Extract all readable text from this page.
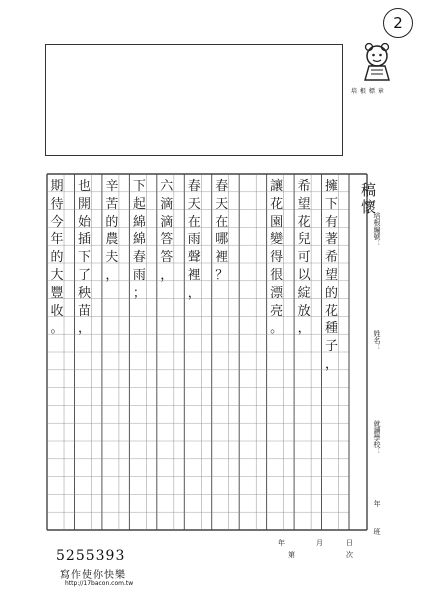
2
培 根 標 章
培根編號：
姓名：
就讀學校：
年
班
稿懷
年	月	日
第	次
5255393
寫作使你快樂
http://17bacon.com.tw
擁
下
有
著
希
望
的
花
種
子
，
希
望
花
兒
可
以
綻
放
，
讓
花
園
變
得
很
漂
亮
。
春
天
在
哪
裡
？
春
天
在
雨
聲
裡
，
六
滴
滴
答
答
，
下
起
綿
綿
春
雨
；
辛
苦
的
農
夫
，
也
開
始
插
下
了
秧
苗
，
期
待
今
年
的
大
豐
收
。
